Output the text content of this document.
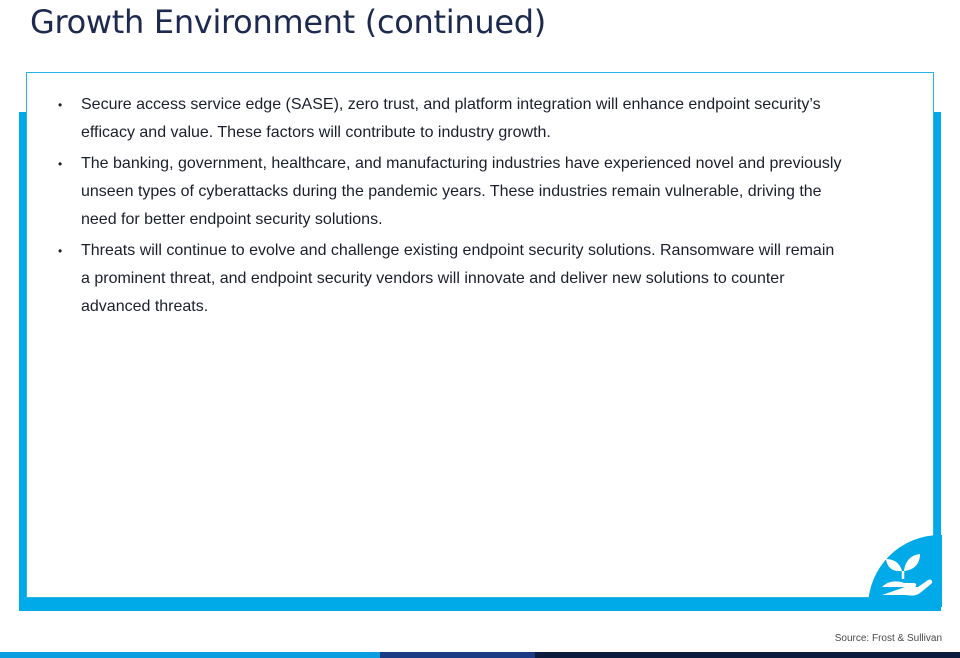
Growth Environment (continued)
• Secure access service edge (SASE), zero trust, and platform integration will enhance endpoint security’s efficacy and value. These factors will contribute to industry growth.
• The banking, government, healthcare, and manufacturing industries have experienced novel and previously unseen types of cyberattacks during the pandemic years. These industries remain vulnerable, driving the need for better endpoint security solutions.
• Threats will continue to evolve and challenge existing endpoint security solutions. Ransomware will remain a prominent threat, and endpoint security vendors will innovate and deliver new solutions to counter advanced threats.
Source: Frost & Sullivan
